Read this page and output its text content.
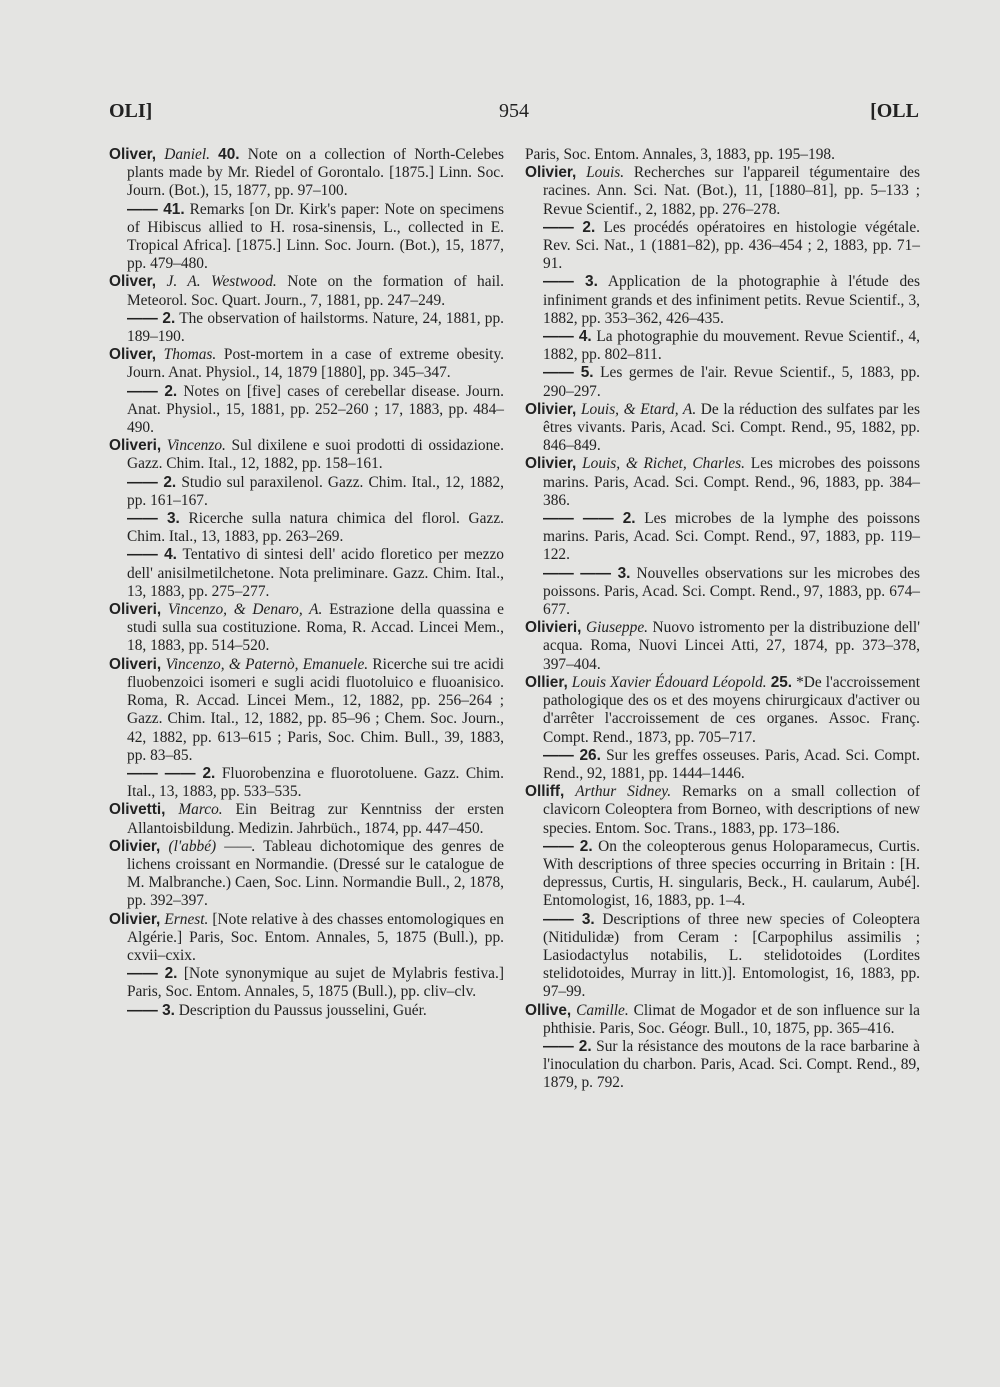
OLI]	954	[OLL

Oliver, Daniel. 40. Note on a collection of North-Celebes plants made by Mr. Riedel of Gorontalo. [1875.] Linn. Soc. Journ. (Bot.), 15, 1877, pp. 97–100.

—— 41. Remarks [on Dr. Kirk's paper: Note on specimens of Hibiscus allied to H. rosa-sinensis, L., collected in E. Tropical Africa]. [1875.] Linn. Soc. Journ. (Bot.), 15, 1877, pp. 479–480.

Oliver, J. A. Westwood. Note on the formation of hail. Meteorol. Soc. Quart. Journ., 7, 1881, pp. 247–249.

—— 2. The observation of hailstorms. Nature, 24, 1881, pp. 189–190.

Oliver, Thomas. Post-mortem in a case of extreme obesity. Journ. Anat. Physiol., 14, 1879 [1880], pp. 345–347.

—— 2. Notes on [five] cases of cerebellar disease. Journ. Anat. Physiol., 15, 1881, pp. 252–260 ; 17, 1883, pp. 484–490.

Oliveri, Vincenzo. Sul dixilene e suoi prodotti di ossidazione. Gazz. Chim. Ital., 12, 1882, pp. 158–161.

—— 2. Studio sul paraxilenol. Gazz. Chim. Ital., 12, 1882, pp. 161–167.

—— 3. Ricerche sulla natura chimica del florol. Gazz. Chim. Ital., 13, 1883, pp. 263–269.

—— 4. Tentativo di sintesi dell' acido floretico per mezzo dell' anisilmetilchetone. Nota preliminare. Gazz. Chim. Ital., 13, 1883, pp. 275–277.

Oliveri, Vincenzo, & Denaro, A. Estrazione della quassina e studi sulla sua costituzione. Roma, R. Accad. Lincei Mem., 18, 1883, pp. 514–520.

Oliveri, Vincenzo, & Paternò, Emanuele. Ricerche sui tre acidi fluobenzoici isomeri e sugli acidi fluotoluico e fluoanisico. Roma, R. Accad. Lincei Mem., 12, 1882, pp. 256–264 ; Gazz. Chim. Ital., 12, 1882, pp. 85–96 ; Chem. Soc. Journ., 42, 1882, pp. 613–615 ; Paris, Soc. Chim. Bull., 39, 1883, pp. 83–85.

—— —— 2. Fluorobenzina e fluorotoluene. Gazz. Chim. Ital., 13, 1883, pp. 533–535.

Olivetti, Marco. Ein Beitrag zur Kenntniss der ersten Allantoisbildung. Medizin. Jahrbüch., 1874, pp. 447–450.

Olivier, (l'abbé) ——. Tableau dichotomique des genres de lichens croissant en Normandie. (Dressé sur le catalogue de M. Malbranche.) Caen, Soc. Linn. Normandie Bull., 2, 1878, pp. 392–397.

Olivier, Ernest. [Note relative à des chasses entomologiques en Algérie.] Paris, Soc. Entom. Annales, 5, 1875 (Bull.), pp. cxvii–cxix.

—— 2. [Note synonymique au sujet de Mylabris festiva.] Paris, Soc. Entom. Annales, 5, 1875 (Bull.), pp. cliv–clv.

—— 3. Description du Paussus jousselini, Guér.

Paris, Soc. Entom. Annales, 3, 1883, pp. 195–198.

Olivier, Louis. Recherches sur l'appareil tégumentaire des racines. Ann. Sci. Nat. (Bot.), 11, [1880–81], pp. 5–133 ; Revue Scientif., 2, 1882, pp. 276–278.

—— 2. Les procédés opératoires en histologie végétale. Rev. Sci. Nat., 1 (1881–82), pp. 436–454 ; 2, 1883, pp. 71–91.

—— 3. Application de la photographie à l'étude des infiniment grands et des infiniment petits. Revue Scientif., 3, 1882, pp. 353–362, 426–435.

—— 4. La photographie du mouvement. Revue Scientif., 4, 1882, pp. 802–811.

—— 5. Les germes de l'air. Revue Scientif., 5, 1883, pp. 290–297.

Olivier, Louis, & Etard, A. De la réduction des sulfates par les êtres vivants. Paris, Acad. Sci. Compt. Rend., 95, 1882, pp. 846–849.

Olivier, Louis, & Richet, Charles. Les microbes des poissons marins. Paris, Acad. Sci. Compt. Rend., 96, 1883, pp. 384–386.

—— —— 2. Les microbes de la lymphe des poissons marins. Paris, Acad. Sci. Compt. Rend., 97, 1883, pp. 119–122.

—— —— 3. Nouvelles observations sur les microbes des poissons. Paris, Acad. Sci. Compt. Rend., 97, 1883, pp. 674–677.

Olivieri, Giuseppe. Nuovo istromento per la distribuzione dell' acqua. Roma, Nuovi Lincei Atti, 27, 1874, pp. 373–378, 397–404.

Ollier, Louis Xavier Édouard Léopold. 25. *De l'accroissement pathologique des os et des moyens chirurgicaux d'activer ou d'arrêter l'accroissement de ces organes. Assoc. Franç. Compt. Rend., 1873, pp. 705–717.

—— 26. Sur les greffes osseuses. Paris, Acad. Sci. Compt. Rend., 92, 1881, pp. 1444–1446.

Olliff, Arthur Sidney. Remarks on a small collection of clavicorn Coleoptera from Borneo, with descriptions of new species. Entom. Soc. Trans., 1883, pp. 173–186.

—— 2. On the coleopterous genus Holoparamecus, Curtis. With descriptions of three species occurring in Britain : [H. depressus, Curtis, H. singularis, Beck., H. caularum, Aubé]. Entomologist, 16, 1883, pp. 1–4.

—— 3. Descriptions of three new species of Coleoptera (Nitidulidæ) from Ceram : [Carpophilus assimilis ; Lasiodactylus notabilis, L. stelidotoides (Lordites stelidotoides, Murray in litt.)]. Entomologist, 16, 1883, pp. 97–99.

Ollive, Camille. Climat de Mogador et de son influence sur la phthisie. Paris, Soc. Géogr. Bull., 10, 1875, pp. 365–416.

—— 2. Sur la résistance des moutons de la race barbarine à l'inoculation du charbon. Paris, Acad. Sci. Compt. Rend., 89, 1879, p. 792.
